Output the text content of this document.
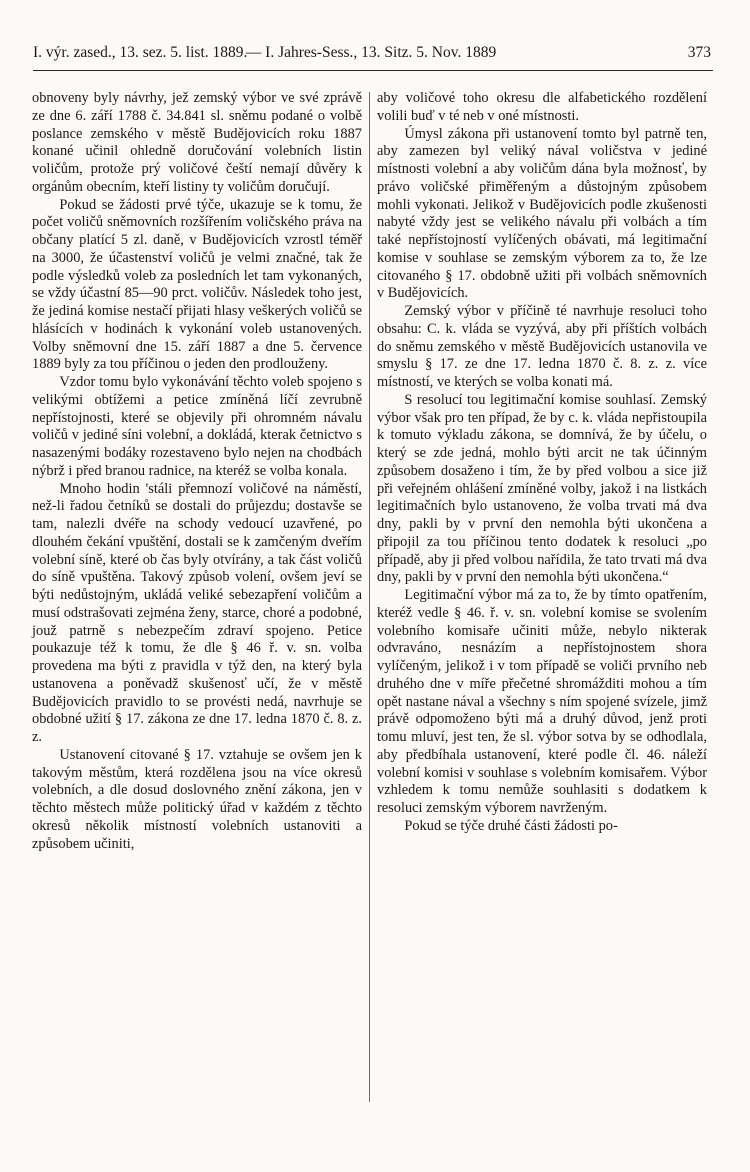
I. výr. zased., 13. sez. 5. list. 1889.
— I. Jahres-Sess., 13. Sitz. 5. Nov. 1889	373

obnoveny byly návrhy, jež zemský výbor ve své zprávě ze dne 6. září 1788 č. 34.841 sl. sněmu podané o volbě poslance zemského v městě Budějovicích roku 1887 konané učinil ohledně doručování volebních listin voličům, protože prý voličové čeští nemají důvěry k orgánům obecním, kteří listiny ty voličům doručují.

Pokud se žádosti prvé týče, ukazuje se k tomu, že počet voličů sněmovních rozšířením voličského práva na občany platící 5 zl. daně, v Budějovicích vzrostl téměř na 3000, že účastenství voličů je velmi značné, tak že podle výsledků volеb za posledních let tam vykonaných, se vždy účastní 85—90 prct. voličův. Následek toho jest, že jediná komise nestačí přijati hlasy veškerých voličů se hlásících v hodinách k vykonání voleb ustanovených. Volby sněmovní dne 15. září 1887 a dne 5. července 1889 byly za tou příčinou o jeden den prodlouženy.

Vzdor tomu bylo vykonávání těchto voleb spojeno s velikými obtížemi a petice zmíněná líčí zevrubně nepřístojnosti, které se objevily při ohromném návalu voličů v jediné síni volební, a dokládá, kterak četnictvo s nasazenými bodáky rozestaveno bylo nejen na chodbách nýbrž i před branou radnice, na kteréž se volba konala.

Mnoho hodin 'stáli přemnozí voličové na náměstí, než-li řadou četníků se dostali do průjezdu; dostavše se tam, nalezli dvéře na schody vedoucí uzavřené, po dlouhém čekání vpuštění, dostali se k zamčeným dveřím volební síně, které ob čas byly otvírány, a tak část voličů do síně vpuštěna. Takový způsob volení, ovšem jeví se býti nedůstojným, ukládá veliké sebezapření voličům a musí odstrašovati zejména ženy, starce, choré a podobné, jouž patrně s nebezpečím zdraví spojeno. Petice poukazuje též k tomu, že dle § 46 ř. v. sn. volba provedena ma býti z pravidla v týž den, na který byla ustanovena a poněvadž skušenosť učí, že v městě Budějovicích pravidlo to se provésti nedá, navrhuje se obdobné užití § 17. zákona ze dne 17. ledna 1870 č. 8. z. z.

Ustanovení citované § 17. vztahuje se ovšem jen k takovým městům, která rozdělena jsou na více okresů volebních, a dle dosud doslovného znění zákona, jen v těchto městech může politický úřad v každém z těchto okresů několik místností volebních ustanoviti a způsobem učiniti,

aby voličové toho okresu dle alfabetického rozdělení volili buď v té neb v oné místnosti.

Úmysl zákona při ustanovení tomto byl patrně ten, aby zamezen byl veliký nával voličstva v jediné místnosti volební a aby voličům dána byla možnosť, by právo voličské přiměřeným a důstojným způsobem mohli vykonati. Jelikož v Budějovicích podle zkušenosti nabyté vždy jest se velikého návalu při volbách a tím také nepřístojností vylíčených obávati, má legitimační komise v souhlase se zemským výborem za to, že lze citovaného § 17. obdobně užiti při volbách sněmovních v Budějovicích.

Zemský výbor v příčině té navrhuje resoluci toho obsahu: C. k. vláda se vyzývá, aby při příštích volbách do sněmu zemského v městě Budějovicích ustanovila ve smyslu § 17. ze dne 17. ledna 1870 č. 8. z. z. více místností, ve kterých se volba konati má.

S resolucí tou legitimační komise souhlasí. Zemský výbor však pro ten případ, že by c. k. vláda nepřistoupila k tomuto výkladu zákona, se domnívá, že by účelu, o který se zde jedná, mohlo býti arcit ne tak účinným způsobem dosaženo i tím, že by před volbou a sice již při veřejném ohlášení zmíněné volby, jakož i na listkách legitimačních bylo ustanoveno, že volba trvati má dva dny, pakli by v první den nemohla býti ukončena a připojil za tou příčinou tento dodatek k resoluci „po případě, aby ji před volbou nařídila, že tato trvati má dva dny, pakli by v první den nemohla býti ukončena.“

Legitimační výbor má za to, že by tímto opatřením, kteréž vedle § 46. ř. v. sn. volební komise se svolením volebního komisaře učiniti může, nebylo nikterak odvraváno, nesnázím a nepřístojnostem shora vylíčeným, jelikož i v tom případě se voliči prvního neb druhého dne v míře přečetné shromážditi mohou a tím opět nastane nával a všechny s ním spojené svízele, jimž právě odpomoženo býti má a druhý důvod, jenž proti tomu mluví, jest ten, že sl. výbor sotva by se odhodlala, aby předbíhala ustanovení, které podle čl. 46. náleží volební komisi v souhlase s volebním komisařem. Výbor vzhledem k tomu nemůže souhlasiti s dodatkem k resoluci zemským výborem navrženým.

Pokud se týče druhé části žádosti po-
